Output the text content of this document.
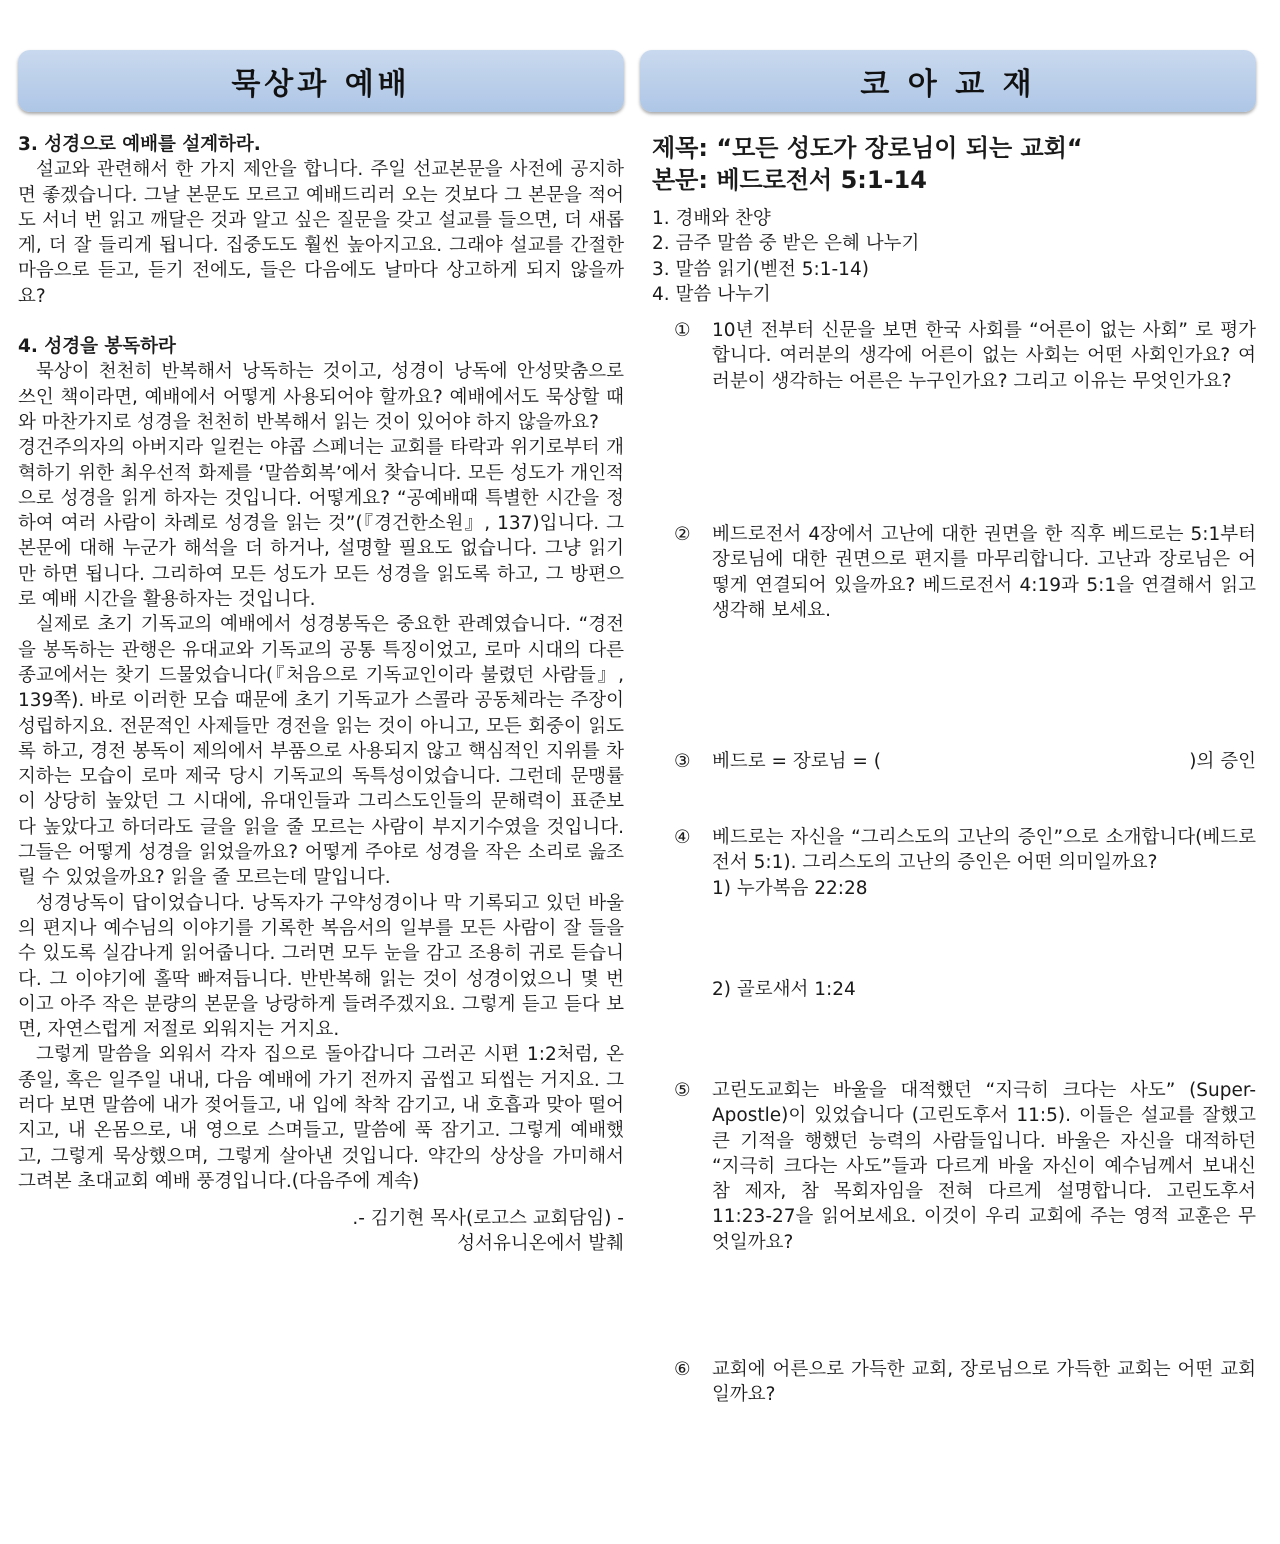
묵상과 예배

3. 성경으로 예배를 설계하라.

설교와 관련해서 한 가지 제안을 합니다. 주일 선교본문을 사전에 공지하면 좋겠습니다. 그날 본문도 모르고 예배드리러 오는 것보다 그 본문을 적어도 서너 번 읽고 깨달은 것과 알고 싶은 질문을 갖고 설교를 들으면, 더 새롭게, 더 잘 들리게 됩니다. 집중도도 훨씬 높아지고요. 그래야 설교를 간절한 마음으로 듣고, 듣기 전에도, 들은 다음에도 날마다 상고하게 되지 않을까요?

4. 성경을 봉독하라

묵상이 천천히 반복해서 낭독하는 것이고, 성경이 낭독에 안성맞춤으로 쓰인 책이라면, 예배에서 어떻게 사용되어야 할까요? 예배에서도 묵상할 때와 마찬가지로 성경을 천천히 반복해서 읽는 것이 있어야 하지 않을까요?

경건주의자의 아버지라 일컫는 야콥 스페너는 교회를 타락과 위기로부터 개혁하기 위한 최우선적 화제를 ‘말씀회복’에서 찾습니다. 모든 성도가 개인적으로 성경을 읽게 하자는 것입니다. 어떻게요? “공예배때 특별한 시간을 정하여 여러 사람이 차례로 성경을 읽는 것”(『경건한소원』, 137)입니다. 그 본문에 대해 누군가 해석을 더 하거나, 설명할 필요도 없습니다. 그냥 읽기만 하면 됩니다. 그리하여 모든 성도가 모든 성경을 읽도록 하고, 그 방편으로 예배 시간을 활용하자는 것입니다.

실제로 초기 기독교의 예배에서 성경봉독은 중요한 관례였습니다. “경전을 봉독하는 관행은 유대교와 기독교의 공통 특징이었고, 로마 시대의 다른 종교에서는 찾기 드물었습니다(『처음으로 기독교인이라 불렸던 사람들』, 139쪽). 바로 이러한 모습 때문에 초기 기독교가 스콜라 공동체라는 주장이 성립하지요. 전문적인 사제들만 경전을 읽는 것이 아니고, 모든 회중이 읽도록 하고, 경전 봉독이 제의에서 부품으로 사용되지 않고 핵심적인 지위를 차지하는 모습이 로마 제국 당시 기독교의 독특성이었습니다. 그런데 문맹률이 상당히 높았던 그 시대에, 유대인들과 그리스도인들의 문해력이 표준보다 높았다고 하더라도 글을 읽을 줄 모르는 사람이 부지기수였을 것입니다. 그들은 어떻게 성경을 읽었을까요? 어떻게 주야로 성경을 작은 소리로 읊조릴 수 있었을까요? 읽을 줄 모르는데 말입니다.

성경낭독이 답이었습니다. 낭독자가 구약성경이나 막 기록되고 있던 바울의 편지나 예수님의 이야기를 기록한 복음서의 일부를 모든 사람이 잘 들을 수 있도록 실감나게 읽어줍니다. 그러면 모두 눈을 감고 조용히 귀로 듣습니다. 그 이야기에 홀딱 빠져듭니다. 반반복해 읽는 것이 성경이었으니 몇 번이고 아주 작은 분량의 본문을 낭랑하게 들려주겠지요. 그렇게 듣고 듣다 보면, 자연스럽게 저절로 외워지는 거지요.

그렇게 말씀을 외워서 각자 집으로 돌아갑니다 그러곤 시편 1:2처럼, 온 종일, 혹은 일주일 내내, 다음 예배에 가기 전까지 곱씹고 되씹는 거지요. 그러다 보면 말씀에 내가 젖어들고, 내 입에 착착 감기고, 내 호흡과 맞아 떨어지고, 내 온몸으로, 내 영으로 스며들고, 말씀에 푹 잠기고. 그렇게 예배했고, 그렇게 묵상했으며, 그렇게 살아낸 것입니다. 약간의 상상을 가미해서 그려본 초대교회 예배 풍경입니다.(다음주에 계속)

.- 김기현 목사(로고스 교회담임) -
성서유니온에서 발췌
코 아 교 재

제목: “모든 성도가 장로님이 되는 교회“

본문: 베드로전서 5:1-14

1. 경배와 찬양
2. 금주 말씀 중 받은 은혜 나누기
3. 말씀 읽기(벧전 5:1-14)
4. 말씀 나누기
① 10년 전부터 신문을 보면 한국 사회를 “어른이 없는 사회” 로 평가합니다. 여러분의 생각에 어른이 없는 사회는 어떤 사회인가요? 여러분이 생각하는 어른은 누구인가요? 그리고 이유는 무엇인가요?
② 베드로전서 4장에서 고난에 대한 권면을 한 직후 베드로는 5:1부터 장로님에 대한 권면으로 편지를 마무리합니다. 고난과 장로님은 어떻게 연결되어 있을까요? 베드로전서 4:19과 5:1을 연결해서 읽고 생각해 보세요.
③ 베드로 = 장로님 = (	)의 증인
④ 베드로는 자신을 “그리스도의 고난의 증인”으로 소개합니다(베드로전서 5:1). 그리스도의 고난의 증인은 어떤 의미일까요?
1) 누가복음 22:28
2) 골로새서 1:24
⑤ 고린도교회는 바울을 대적했던 “지극히 크다는 사도” (Super-Apostle)이 있었습니다 (고린도후서 11:5). 이들은 설교를 잘했고 큰 기적을 행했던 능력의 사람들입니다. 바울은 자신을 대적하던 “지극히 크다는 사도”들과 다르게 바울 자신이 예수님께서 보내신 참 제자, 참 목회자임을 전혀 다르게 설명합니다. 고린도후서 11:23-27을 읽어보세요. 이것이 우리 교회에 주는 영적 교훈은 무엇일까요?
⑥ 교회에 어른으로 가득한 교회, 장로님으로 가득한 교회는 어떤 교회일까요?
